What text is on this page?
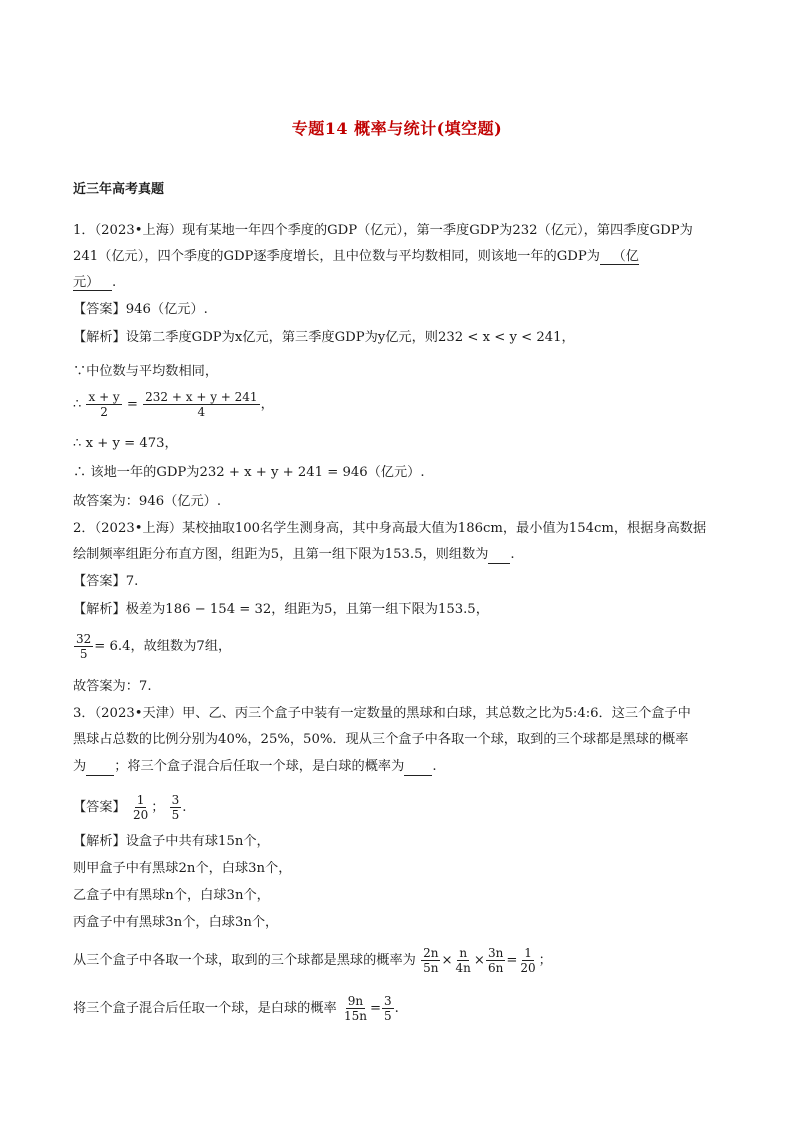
专题14 概率与统计(填空题)
近三年高考真题
1．（2023•上海）现有某地一年四个季度的GDP（亿元），第一季度GDP为232（亿元），第四季度GDP为
241（亿元），四个季度的GDP逐季度增长，且中位数与平均数相同，则该地一年的GDP为 （亿
元） .
【答案】946（亿元）.
【解析】设第二季度GDP为x亿元，第三季度GDP为y亿元，则232 < x < y < 241，
∵中位数与平均数相同，
∴ $\frac{x + y}{2} = \frac{232 + x + y + 241}{4}$ ，
∴ x + y = 473，
∴ 该地一年的GDP为232 + x + y + 241 = 946（亿元）.
故答案为：946（亿元）.
2．（2023•上海）某校抽取100名学生测身高，其中身高最大值为186cm，最小值为154cm，根据身高数据
绘制频率组距分布直方图，组距为5，且第一组下限为153.5，则组数为 .
【答案】7.
【解析】极差为186 − 154 = 32，组距为5，且第一组下限为153.5，
$\frac{32}{5} = 6.4$，故组数为7组，
故答案为：7.
3．（2023•天津）甲、乙、丙三个盒子中装有一定数量的黑球和白球，其总数之比为5:4:6．这三个盒子中
黑球占总数的比例分别为40%，25%，50%．现从三个盒子中各取一个球，取到的三个球都是黑球的概率
为 ；将三个盒子混合后任取一个球，是白球的概率为 .
【答案】 $\frac{1}{20}$ ； $\frac{3}{5}$ .
【解析】设盒子中共有球15n个，
则甲盒子中有黑球2n个，白球3n个，
乙盒子中有黑球n个，白球3n个，
丙盒子中有黑球3n个，白球3n个，
从三个盒子中各取一个球，取到的三个球都是黑球的概率为 $\frac{2n}{5n} \times \frac{n}{4n} \times \frac{3n}{6n} = \frac{1}{20}$ ；
将三个盒子混合后任取一个球，是白球的概率 $\frac{9n}{15n} = \frac{3}{5}$ .
